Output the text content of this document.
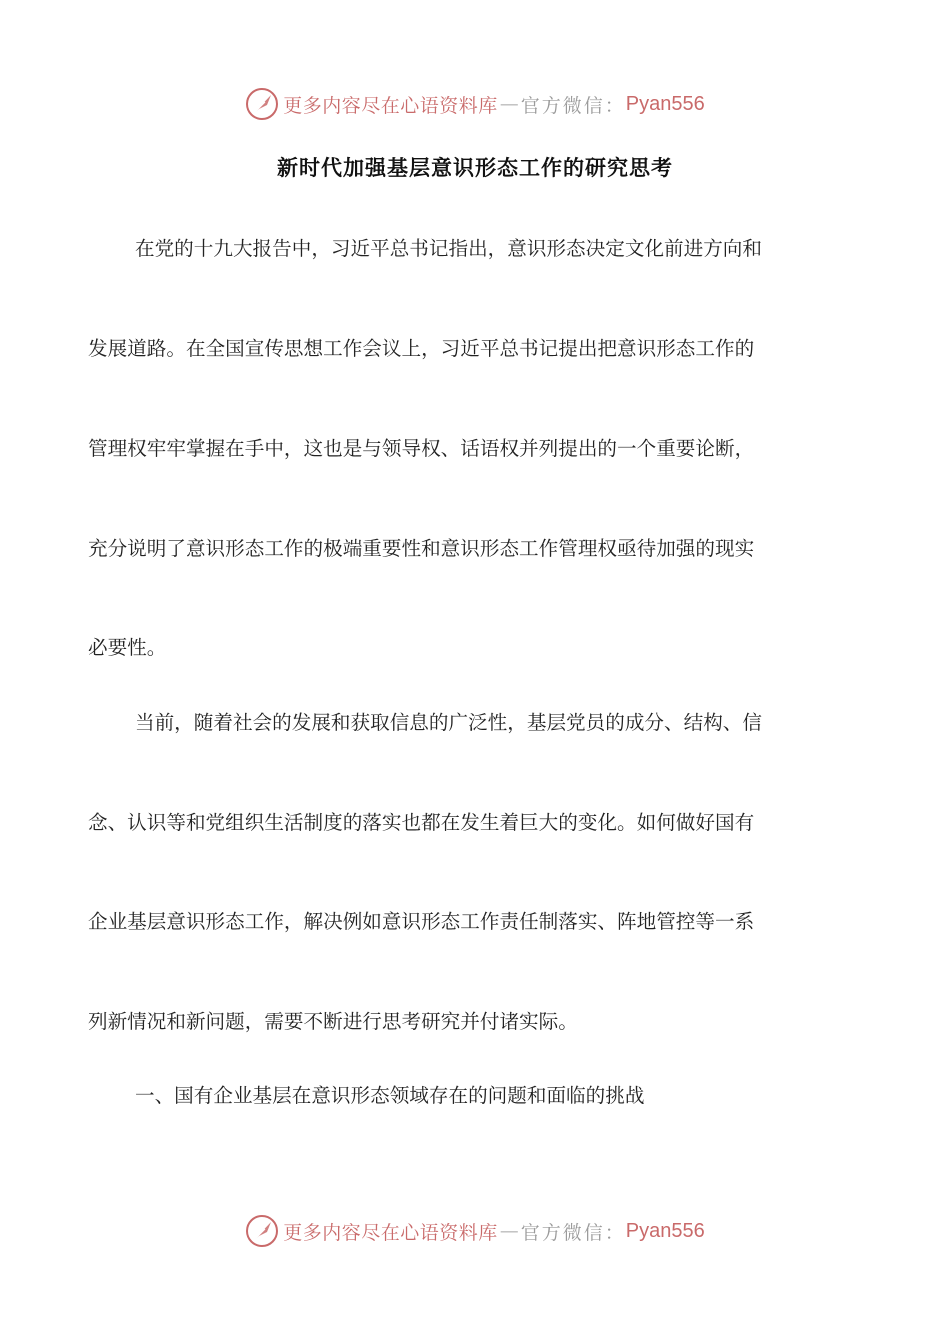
更多内容尽在心语资料库 — 官方微信： Pyan556
新时代加强基层意识形态工作的研究思考
在党的十九大报告中，习近平总书记指出，意识形态决定文化前进方向和
发展道路。在全国宣传思想工作会议上，习近平总书记提出把意识形态工作的
管理权牢牢掌握在手中，这也是与领导权、话语权并列提出的一个重要论断，
充分说明了意识形态工作的极端重要性和意识形态工作管理权亟待加强的现实
必要性。
当前，随着社会的发展和获取信息的广泛性，基层党员的成分、结构、信
念、认识等和党组织生活制度的落实也都在发生着巨大的变化。如何做好国有
企业基层意识形态工作，解决例如意识形态工作责任制落实、阵地管控等一系
列新情况和新问题，需要不断进行思考研究并付诸实际。
一、国有企业基层在意识形态领域存在的问题和面临的挑战
更多内容尽在心语资料库 — 官方微信： Pyan556
